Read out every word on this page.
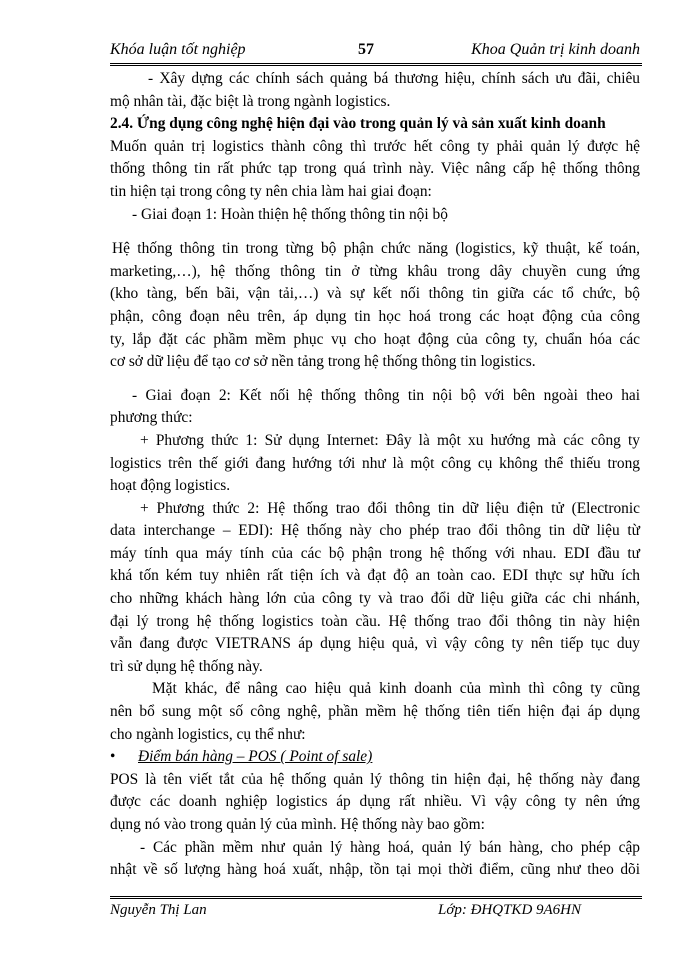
Khóa luận tốt nghiệp	57	Khoa Quản trị kinh doanh
- Xây dựng các chính sách quảng bá thương hiệu, chính sách ưu đãi, chiêu
mộ nhân tài, đặc biệt là trong ngành logistics.
2.4. Ứng dụng công nghệ hiện đại vào trong quản lý và sản xuất kinh doanh
Muốn quản trị logistics thành công thì trước hết công ty phải quản lý được hệ
thống thông tin rất phức tạp trong quá trình này. Việc nâng cấp hệ thống thông
tin hiện tại trong công ty nên chia làm hai giai đoạn:
- Giai đoạn 1: Hoàn thiện hệ thống thông tin nội bộ
Hệ thống thông tin trong từng bộ phận chức năng (logistics, kỹ thuật, kế toán,
marketing,…), hệ thống thông tin ở từng khâu trong dây chuyền cung ứng
(kho tàng, bến bãi, vận tải,…) và sự kết nối thông tin giữa các tổ chức, bộ
phận, công đoạn nêu trên, áp dụng tin học hoá trong các hoạt động của công
ty, lắp đặt các phầm mềm phục vụ cho hoạt động của công ty, chuẩn hóa các
cơ sở dữ liệu để tạo cơ sở nền tảng trong hệ thống thông tin logistics.
- Giai đoạn 2: Kết nối hệ thống thông tin nội bộ với bên ngoài theo hai
phương thức:
+ Phương thức 1: Sử dụng Internet: Đây là một xu hướng mà các công ty
logistics trên thế giới đang hướng tới như là một công cụ không thể thiếu trong
hoạt động logistics.
+ Phương thức 2: Hệ thống trao đổi thông tin dữ liệu điện tử (Electronic
data interchange – EDI): Hệ thống này cho phép trao đổi thông tin dữ liệu từ
máy tính qua máy tính của các bộ phận trong hệ thống với nhau. EDI đầu tư
khá tốn kém tuy nhiên rất tiện ích và đạt độ an toàn cao. EDI thực sự hữu ích
cho những khách hàng lớn của công ty và trao đổi dữ liệu giữa các chi nhánh,
đại lý trong hệ thống logistics toàn cầu. Hệ thống trao đổi thông tin này hiện
vẫn đang được VIETRANS áp dụng hiệu quả, vì vậy công ty nên tiếp tục duy
trì sử dụng hệ thống này.
Mặt khác, để nâng cao hiệu quả kinh doanh của mình thì công ty cũng
nên bổ sung một số công nghệ, phần mềm hệ thống tiên tiến hiện đại áp dụng
cho ngành logistics, cụ thể như:
• Điểm bán hàng – POS ( Point of sale)
POS là tên viết tắt của hệ thống quản lý thông tin hiện đại, hệ thống này đang
được các doanh nghiệp logistics áp dụng rất nhiều. Vì vậy công ty nên ứng
dụng nó vào trong quản lý của mình. Hệ thống này bao gồm:
- Các phần mềm như quản lý hàng hoá, quản lý bán hàng, cho phép cập
nhật về số lượng hàng hoá xuất, nhập, tồn tại mọi thời điểm, cũng như theo dõi
Nguyễn Thị Lan	Lớp: ĐHQTKD 9A6HN
